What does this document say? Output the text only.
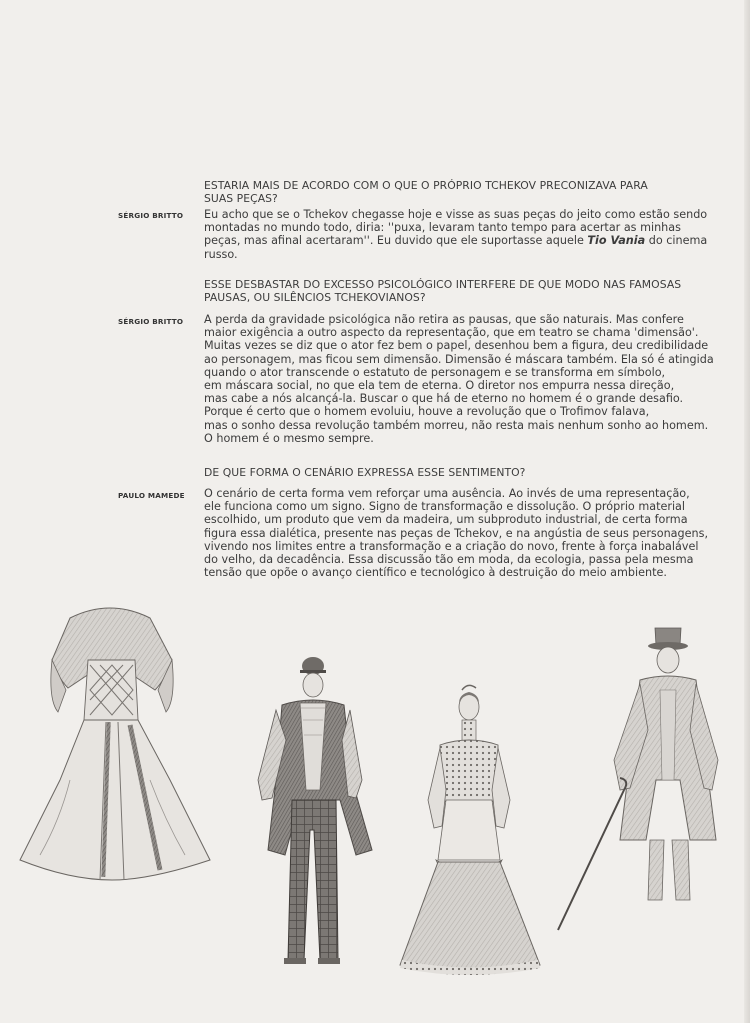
ESTARIA MAIS DE ACORDO COM O QUE O PRÓPRIO TCHEKOV PRECONIZAVA PARA
SUAS PEÇAS?
SÉRGIO BRITTO	Eu acho que se o Tchekov chegasse hoje e visse as suas peças do jeito como estão sendo
montadas no mundo todo, diria: ''puxa, levaram tanto tempo para acertar as minhas
peças, mas afinal acertaram''. Eu duvido que ele suportasse aquele Tio Vania do cinema
russo.
ESSE DESBASTAR DO EXCESSO PSICOLÓGICO INTERFERE DE QUE MODO NAS FAMOSAS
PAUSAS, OU SILÊNCIOS TCHEKOVIANOS?
SÉRGIO BRITTO	A perda da gravidade psicológica não retira as pausas, que são naturais. Mas confere
maior exigência a outro aspecto da representação, que em teatro se chama 'dimensão'.
Muitas vezes se diz que o ator fez bem o papel, desenhou bem a figura, deu credibilidade
ao personagem, mas ficou sem dimensão. Dimensão é máscara também. Ela só é atingida
quando o ator transcende o estatuto de personagem e se transforma em símbolo,
em máscara social, no que ela tem de eterna. O diretor nos empurra nessa direção,
mas cabe a nós alcançá-la. Buscar o que há de eterno no homem é o grande desafio.
Porque é certo que o homem evoluiu, houve a revolução que o Trofimov falava,
mas o sonho dessa revolução também morreu, não resta mais nenhum sonho ao homem.
O homem é o mesmo sempre.
DE QUE FORMA O CENÁRIO EXPRESSA ESSE SENTIMENTO?
PAULO MAMEDE	O cenário de certa forma vem reforçar uma ausência. Ao invés de uma representação,
ele funciona como um signo. Signo de transformação e dissolução. O próprio material
escolhido, um produto que vem da madeira, um subproduto industrial, de certa forma
figura essa dialética, presente nas peças de Tchekov, e na angústia de seus personagens,
vivendo nos limites entre a transformação e a criação do novo, frente à força inabalável
do velho, da decadência. Essa discussão tão em moda, da ecologia, passa pela mesma
tensão que opõe o avanço científico e tecnológico à destruição do meio ambiente.
